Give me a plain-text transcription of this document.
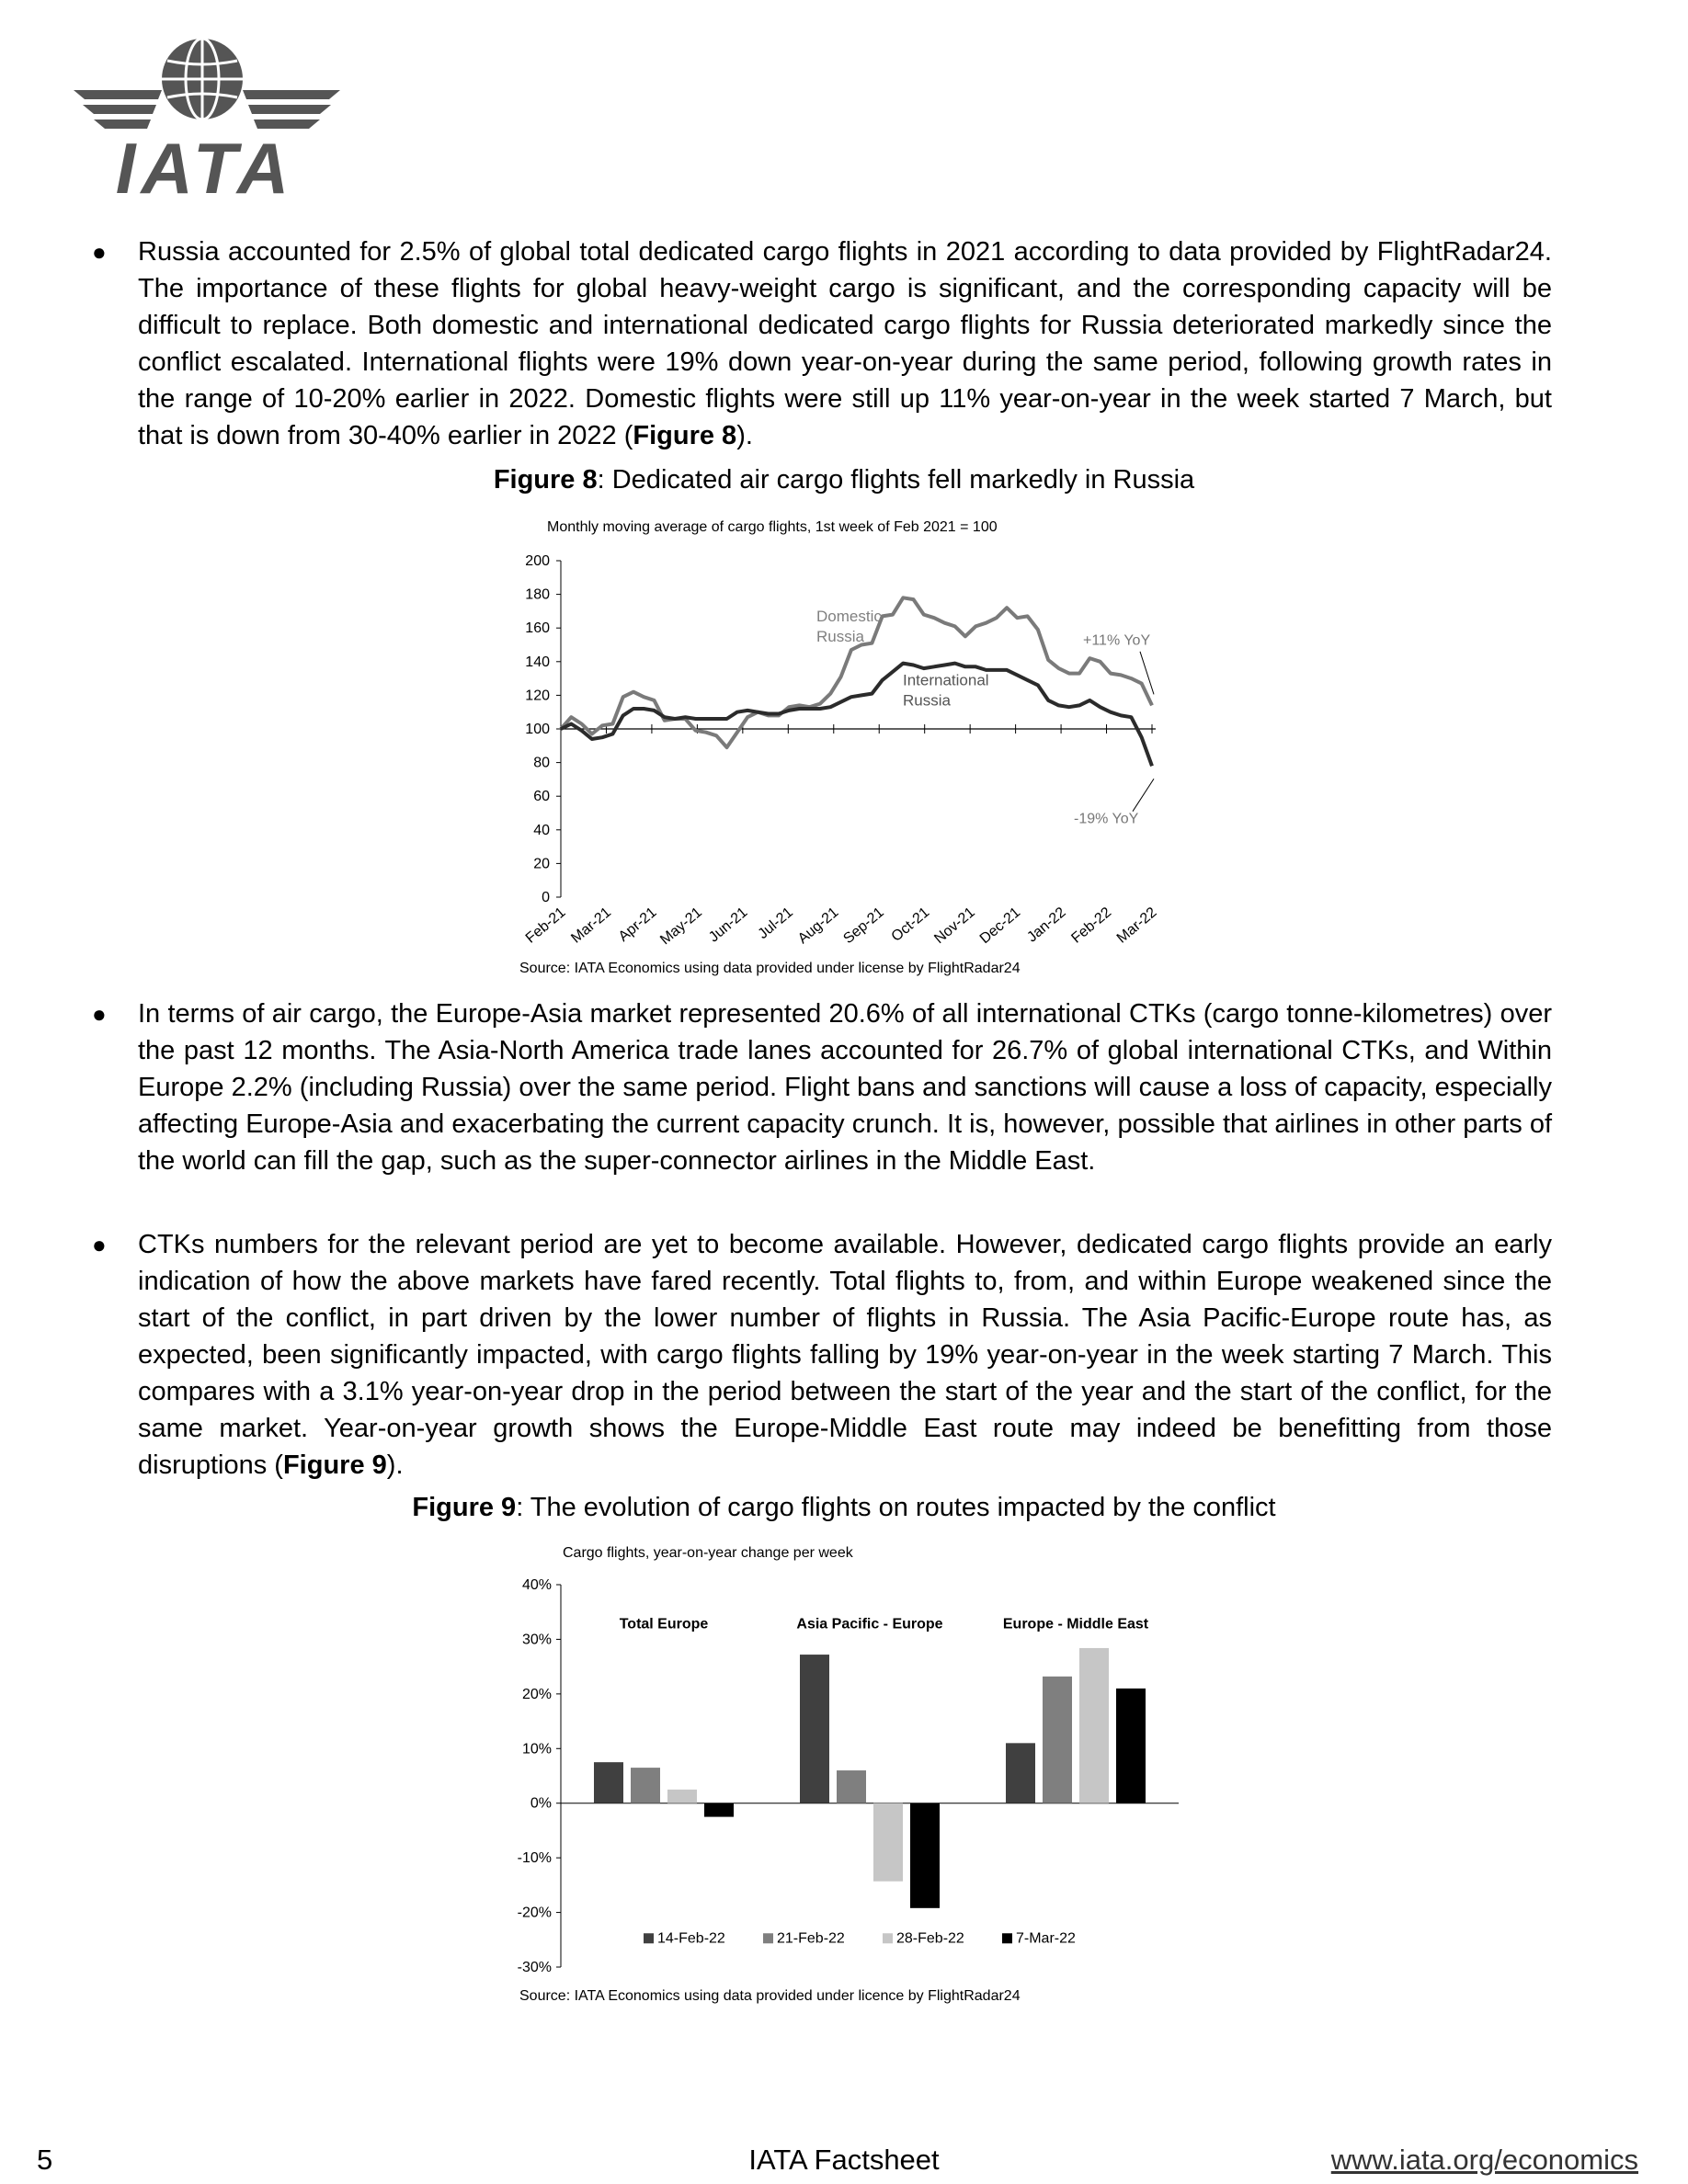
IATA
● Russia accounted for 2.5% of global total dedicated cargo flights in 2021 according to data provided by FlightRadar24. The importance of these flights for global heavy-weight cargo is significant, and the corresponding capacity will be difficult to replace. Both domestic and international dedicated cargo flights for Russia deteriorated markedly since the conflict escalated. International flights were 19% down year-on-year during the same period, following growth rates in the range of 10-20% earlier in 2022. Domestic flights were still up 11% year-on-year in the week started 7 March, but that is down from 30-40% earlier in 2022 (Figure 8).
Figure 8: Dedicated air cargo flights fell markedly in Russia
Monthly moving average of cargo flights, 1st week of Feb 2021 = 100
0
20
40
60
80
100
120
140
160
180
200
Feb-21 Mar-21 Apr-21
May-21 Jun-21 Jul-21 Aug-21 Sep-21 Oct-21 Nov-21 Dec-21 Jan-22 Feb-22 Mar-22
Domestic
Russia
International
Russia
+11% YoY
-19% YoY
Source: IATA Economics using data provided under license by FlightRadar24
● In terms of air cargo, the Europe-Asia market represented 20.6% of all international CTKs (cargo tonne-kilometres) over the past 12 months. The Asia-North America trade lanes accounted for 26.7% of global international CTKs, and Within Europe 2.2% (including Russia) over the same period. Flight bans and sanctions will cause a loss of capacity, especially affecting Europe-Asia and exacerbating the current capacity crunch. It is, however, possible that airlines in other parts of the world can fill the gap, such as the super-connector airlines in the Middle East.
● CTKs numbers for the relevant period are yet to become available. However, dedicated cargo flights provide an early indication of how the above markets have fared recently. Total flights to, from, and within Europe weakened since the start of the conflict, in part driven by the lower number of flights in Russia. The Asia Pacific-Europe route has, as expected, been significantly impacted, with cargo flights falling by 19% year-on-year in the week starting 7 March. This compares with a 3.1% year-on-year drop in the period between the start of the year and the start of the conflict, for the same market. Year-on-year growth shows the Europe-Middle East route may indeed be benefitting from those disruptions (Figure 9).
Figure 9: The evolution of cargo flights on routes impacted by the conflict
Cargo flights, year-on-year change per week
-30%
-20%
-10%
0%
10%
20%
30%
40%
Total Europe	Asia Pacific - Europe	Europe - Middle East
14-Feb-22	21-Feb-22	28-Feb-22	7-Mar-22
Source: IATA Economics using data provided under licence by FlightRadar24
5	IATA Factsheet	www.iata.org/economics
